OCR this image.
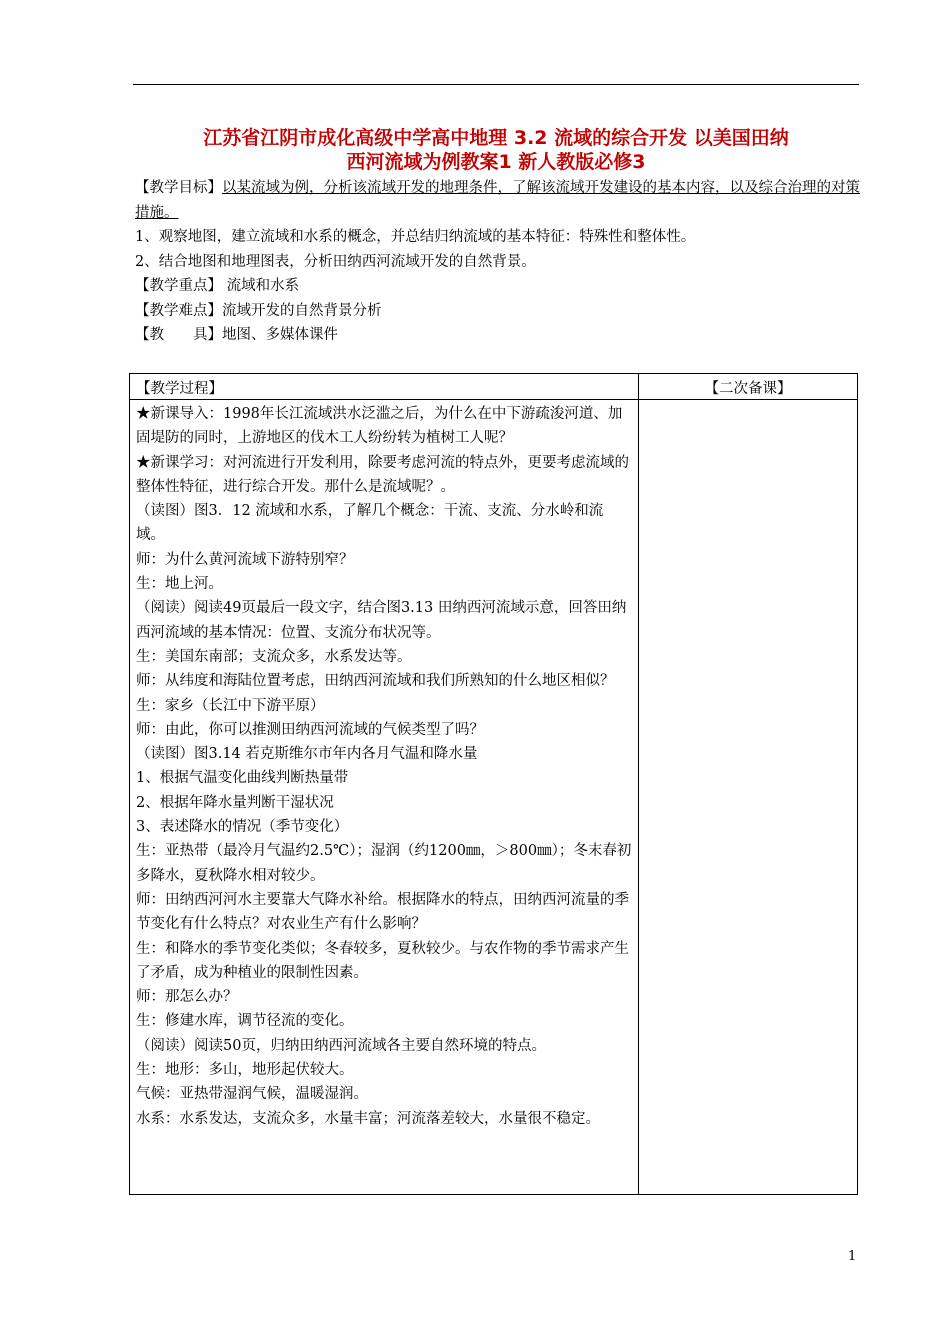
江苏省江阴市成化高级中学高中地理 3.2 流域的综合开发 以美国田纳
西河流域为例教案1 新人教版必修3

【教学目标】以某流域为例，分析该流域开发的地理条件，了解该流域开发建设的基本内容，以及综合治理的对策措施。

1、观察地图，建立流域和水系的概念，并总结归纳流域的基本特征：特殊性和整体性。

2、结合地图和地理图表，分析田纳西河流域开发的自然背景。

【教学重点】 流域和水系

【教学难点】流域开发的自然背景分析

【教　　具】地图、多媒体课件

【教学过程】	【二次备课】

★新课导入：1998年长江流域洪水泛滥之后，为什么在中下游疏浚河道、加固堤防的同时，上游地区的伐木工人纷纷转为植树工人呢？

★新课学习：对河流进行开发利用，除要考虑河流的特点外，更要考虑流域的整体性特征，进行综合开发。那什么是流域呢？。

（读图）图3．12 流域和水系，了解几个概念：干流、支流、分水岭和流域。

师：为什么黄河流域下游特别窄？

生：地上河。

（阅读）阅读49页最后一段文字，结合图3.13 田纳西河流域示意，回答田纳西河流域的基本情况：位置、支流分布状况等。

生：美国东南部；支流众多，水系发达等。

师：从纬度和海陆位置考虑，田纳西河流域和我们所熟知的什么地区相似？

生：家乡（长江中下游平原）

师：由此，你可以推测田纳西河流域的气候类型了吗？

（读图）图3.14 若克斯维尔市年内各月气温和降水量

1、根据气温变化曲线判断热量带

2、根据年降水量判断干湿状况

3、表述降水的情况（季节变化）

生：亚热带（最冷月气温约2.5℃）；湿润（约1200㎜，＞800㎜）；冬末春初多降水，夏秋降水相对较少。

师：田纳西河河水主要靠大气降水补给。根据降水的特点，田纳西河流量的季节变化有什么特点？对农业生产有什么影响？

生：和降水的季节变化类似；冬春较多，夏秋较少。与农作物的季节需求产生了矛盾，成为种植业的限制性因素。

师：那怎么办？

生：修建水库，调节径流的变化。

（阅读）阅读50页，归纳田纳西河流域各主要自然环境的特点。

生：地形：多山，地形起伏较大。

气候：亚热带湿润气候，温暖湿润。

水系：水系发达，支流众多，水量丰富；河流落差较大，水量很不稳定。

1
